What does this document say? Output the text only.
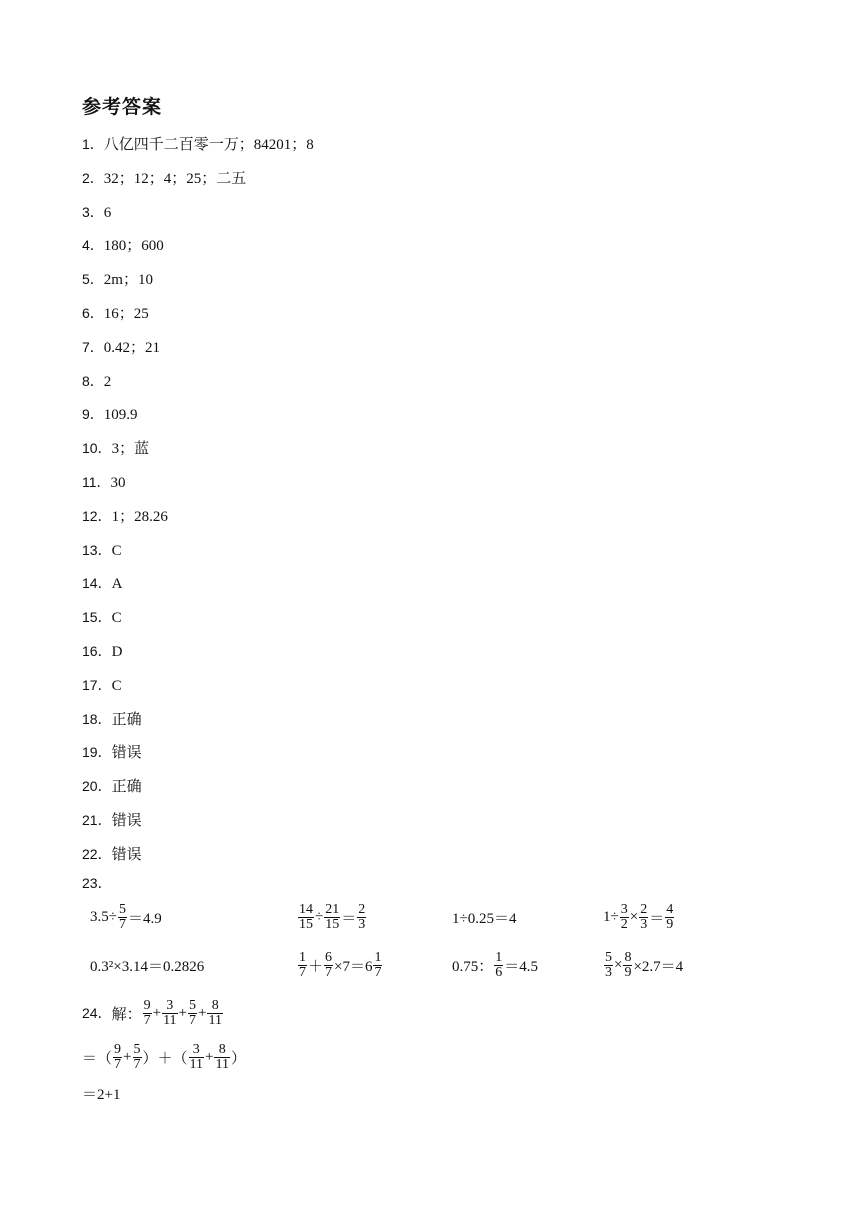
参考答案
1．八亿四千二百零一万；84201；8
2．32；12；4；25；二五
3．6
4．180；600
5．2m；10
6．16；25
7．0.42；21
8．2
9．109.9
10．3；蓝
11．30
12．1；28.26
13．C
14．A
15．C
16．D
17．C
18．正确
19．错误
20．正确
21．错误
22．错误
23．
$3.5\div \frac{5}{7} =4.9$	$\frac{14}{15} \div \frac{21}{15} = \frac{2}{3}$	1÷0.25＝4	$1\div \frac{3}{2} \times \frac{2}{3} = \frac{4}{9}$
0.3²×3.14＝0.2826	$\frac{1}{7} + \frac{6}{7} \times 7=6 \frac{1}{7}$	0.75： $\frac{1}{6} =4.5$	$\frac{5}{3} \times \frac{8}{9} \times 2.7=4$
24． 解： $\frac{9}{7} + \frac{3}{11} + \frac{5}{7} + \frac{8}{11}$
＝ （ $\frac{9}{7} + \frac{5}{7}$ ）＋（ $\frac{3}{11} + \frac{8}{11}$ ）
＝2+1
